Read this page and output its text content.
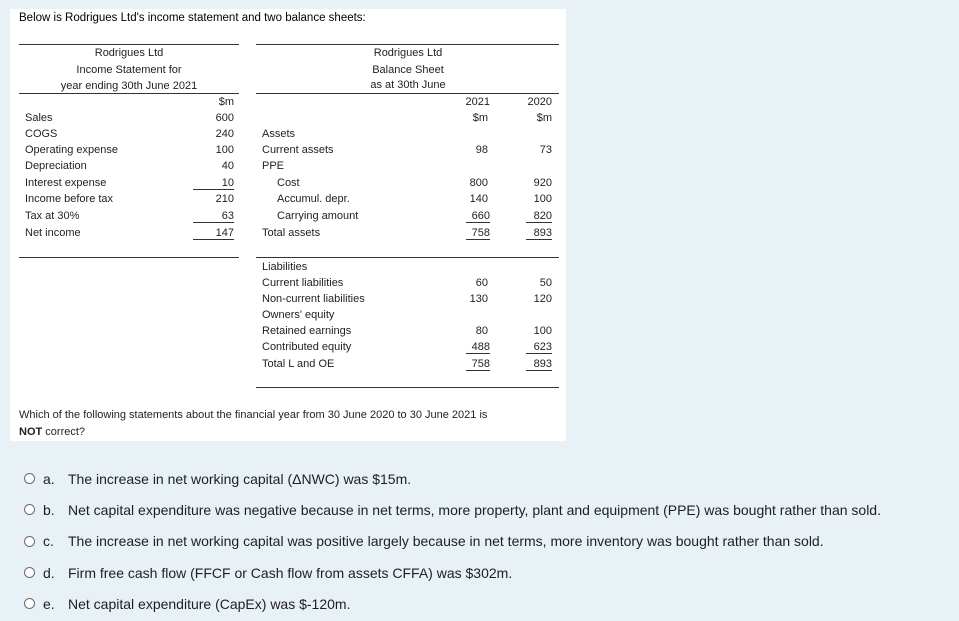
Below is Rodrigues Ltd's income statement and two balance sheets:
Rodrigues Ltd
Income Statement for
year ending 30th June 2021
$m
Sales	600
COGS	240
Operating expense	100
Depreciation	40
Interest expense	10
Income before tax	210
Tax at 30%	63
Net income	147
Rodrigues Ltd
Balance Sheet
as at 30th June
2021	2020
$m	$m
Assets
Current assets	98	73
PPE
Cost	800	920
Accumul. depr.	140	100
Carrying amount	660	820
Total assets	758	893
Liabilities
Current liabilities	60	50
Non-current liabilities	130	120
Owners' equity
Retained earnings	80	100
Contributed equity	488	623
Total L and OE	758	893
Which of the following statements about the financial year from 30 June 2020 to 30 June 2021 is
NOT correct?
a. The increase in net working capital (ΔNWC) was $15m.
b. Net capital expenditure was negative because in net terms, more property, plant and equipment (PPE) was bought rather than sold.
c.	The increase in net working capital was positive largely because in net terms, more inventory was bought rather than sold.
d. Firm free cash flow (FFCF or Cash flow from assets CFFA) was $302m.
e. Net capital expenditure (CapEx) was $-120m.
